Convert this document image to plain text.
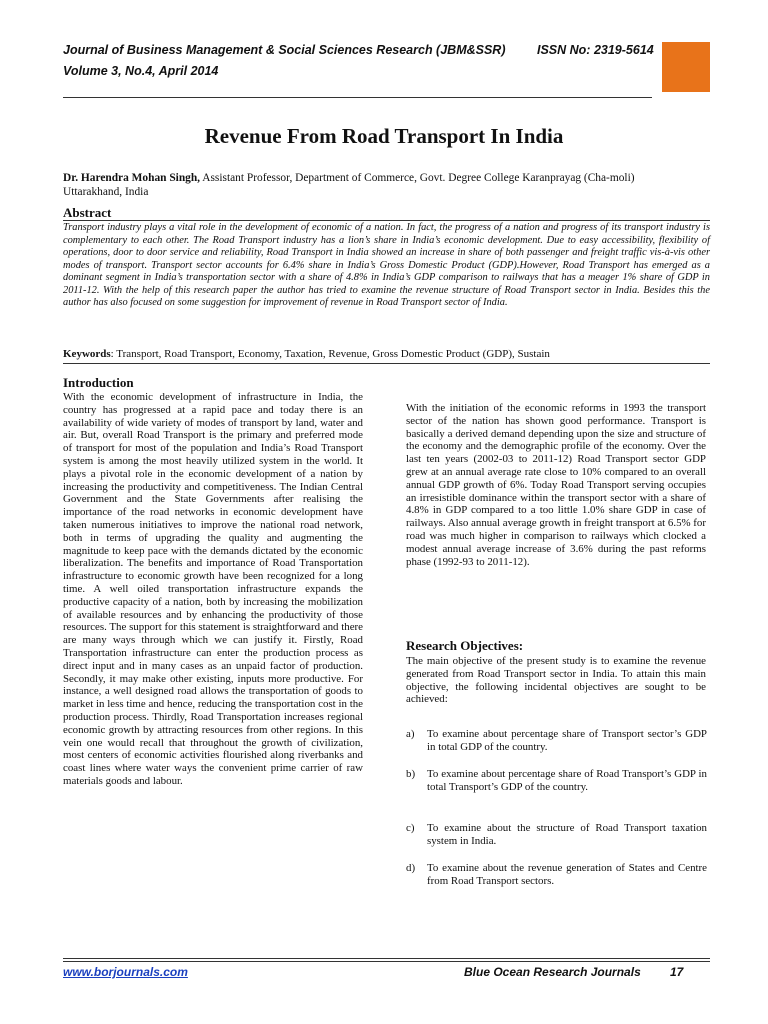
Journal of Business Management & Social Sciences Research (JBM&SSR)	ISSN No: 2319-5614
Volume 3, No.4, April 2014
Revenue From Road Transport In India
Dr. Harendra Mohan Singh, Assistant Professor, Department of Commerce, Govt. Degree College Karanprayag (Cha-moli) Uttarakhand, India
Abstract
Transport industry plays a vital role in the development of economic of a nation. In fact, the progress of a nation and progress of its transport industry is complementary to each other. The Road Transport industry has a lion’s share in India’s economic development. Due to easy accessibility, flexibility of operations, door to door service and reliability, Road Transport in India showed an increase in share of both passenger and freight traffic vis-à-vis other modes of transport. Transport sector accounts for 6.4% share in India’s Gross Domestic Product (GDP).However, Road Transport has emerged as a dominant segment in India’s transportation sector with a share of 4.8% in India’s GDP comparison to railways that has a meager 1% share of GDP in 2011-12. With the help of this research paper the author has tried to examine the revenue structure of Road Transport sector in India. Besides this the author has also focused on some suggestion for improvement of revenue in Road Transport sector of India.
Keywords: Transport, Road Transport, Economy, Taxation, Revenue, Gross Domestic Product (GDP), Sustain
Introduction
With the economic development of infrastructure in India, the country has progressed at a rapid pace and today there is an availability of wide variety of modes of transport by land, water and air. But, overall Road Transport is the primary and preferred mode of transport for most of the population and India’s Road Transport system is among the most heavily utilized system in the world. It plays a pivotal role in the economic development of a nation by increasing the productivity and competitiveness. The Indian Central Government and the State Governments after realising the importance of the road networks in economic development have taken numerous initiatives to improve the national road network, both in terms of upgrading the quality and augmenting the magnitude to keep pace with the demands dictated by the economic liberalization. The benefits and importance of Road Transportation infrastructure to economic growth have been recognized for a long time. A well oiled transportation infrastructure expands the productive capacity of a nation, both by increasing the mobilization of available resources and by enhancing the productivity of those resources. The support for this statement is straightforward and there are many ways through which we can justify it. Firstly, Road Transportation infrastructure can enter the production process as direct input and in many cases as an unpaid factor of production. Secondly, it may make other existing, inputs more productive. For instance, a well designed road allows the transportation of goods to market in less time and hence, reducing the transportation cost in the production process. Thirdly, Road Transportation increases regional economic growth by attracting resources from other regions. In this vein one would recall that throughout the growth of civilization, most centers of economic activities flourished along riverbanks and coast lines where water ways the convenient prime carrier of raw materials goods and labour.
With the initiation of the economic reforms in 1993 the transport sector of the nation has shown good performance. Transport is basically a derived demand depending upon the size and structure of the economy and the demographic profile of the economy. Over the last ten years (2002-03 to 2011-12) Road Transport sector GDP grew at an annual average rate close to 10% compared to an overall annual GDP growth of 6%. Today Road Transport serving occupies an irresistible dominance within the transport sector with a share of 4.8% in GDP compared to a too little 1.0% share GDP in case of railways. Also annual average growth in freight transport at 6.5% for road was much higher in comparison to railways which clocked a modest annual average increase of 3.6% during the past reforms phase (1992-93 to 2011-12).
Research Objectives:
The main objective of the present study is to examine the revenue generated from Road Transport sector in India. To attain this main objective, the following incidental objectives are sought to be achieved:
a) To examine about percentage share of Transport sector’s GDP in total GDP of the country.
b) To examine about percentage share of Road Transport’s GDP in total Transport’s GDP of the country.
c) To examine about the structure of Road Transport taxation system in India.
d) To examine about the revenue generation of States and Centre from Road Transport sectors.
www.borjournals.com	Blue Ocean Research Journals 17
